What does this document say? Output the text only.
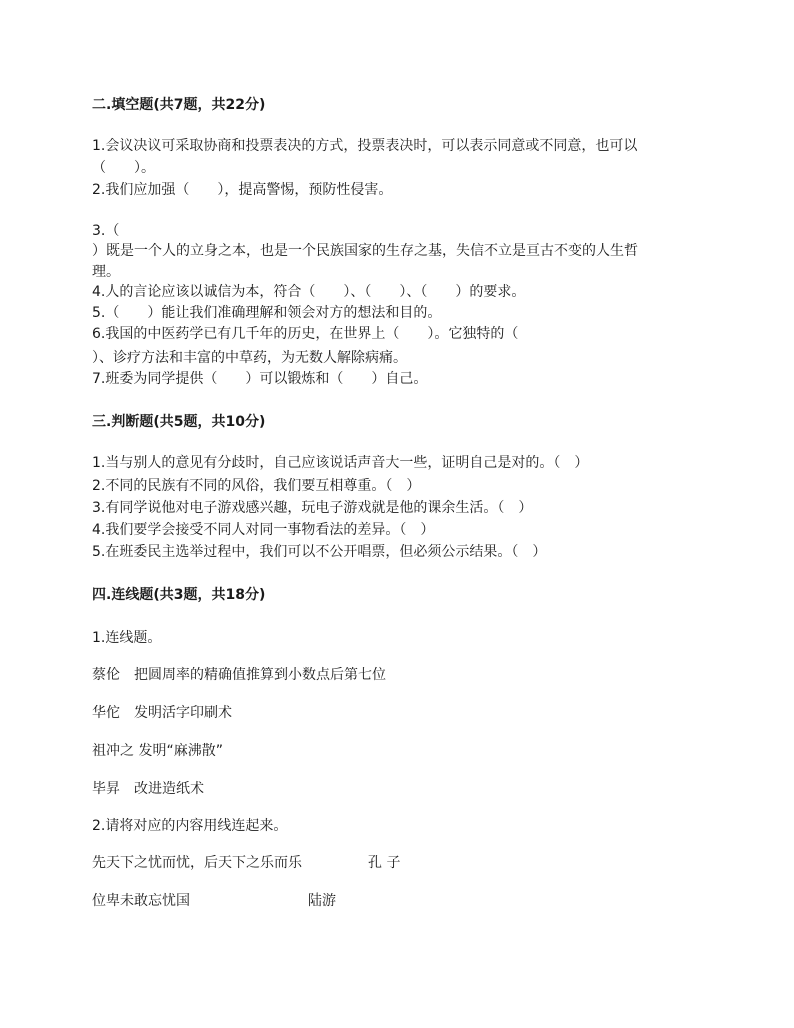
二.填空题(共7题，共22分)
1.会议决议可采取协商和投票表决的方式，投票表决时，可以表示同意或不同意，也可以
（　　）。
2.我们应加强（　　），提高警惕，预防性侵害。
3.（
）既是一个人的立身之本，也是一个民族国家的生存之基，失信不立是亘古不变的人生哲
理。
4.人的言论应该以诚信为本，符合（　　）、（　　）、（　　）的要求。
5.（　　）能让我们准确理解和领会对方的想法和目的。
6.我国的中医药学已有几千年的历史，在世界上（　　）。它独特的（
）、诊疗方法和丰富的中草药，为无数人解除病痛。
7.班委为同学提供（　　）可以锻炼和（　　）自己。
三.判断题(共5题，共10分)
1.当与别人的意见有分歧时，自己应该说话声音大一些，证明自己是对的。（　）
2.不同的民族有不同的风俗，我们要互相尊重。（　）
3.有同学说他对电子游戏感兴趣，玩电子游戏就是他的课余生活。（　）
4.我们要学会接受不同人对同一事物看法的差异。（　）
5.在班委民主选举过程中，我们可以不公开唱票，但必须公示结果。（　）
四.连线题(共3题，共18分)
1.连线题。
蔡伦　把圆周率的精确值推算到小数点后第七位
华佗　发明活字印刷术
祖冲之 发明“麻沸散”
毕昇　改进造纸术
2.请将对应的内容用线连起来。
先天下之忧而忧，后天下之乐而乐	孔 子
位卑未敢忘忧国	陆游
